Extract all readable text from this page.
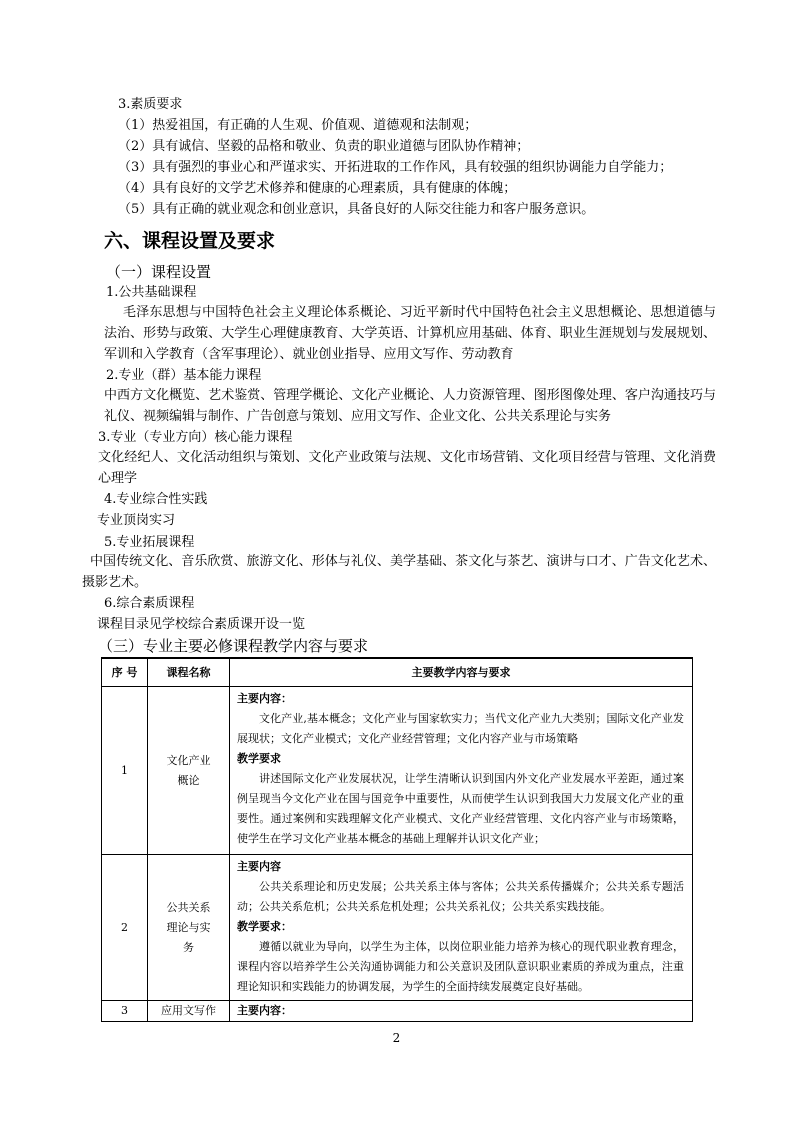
3.素质要求
（1）热爱祖国，有正确的人生观、价值观、道德观和法制观；
（2）具有诚信、坚毅的品格和敬业、负责的职业道德与团队协作精神；
（3）具有强烈的事业心和严谨求实、开拓进取的工作作风，具有较强的组织协调能力自学能力；
（4）具有良好的文学艺术修养和健康的心理素质，具有健康的体魄；
（5）具有正确的就业观念和创业意识，具备良好的人际交往能力和客户服务意识。
六、课程设置及要求
（一）课程设置
1.公共基础课程
毛泽东思想与中国特色社会主义理论体系概论、习近平新时代中国特色社会主义思想概论、思想道德与法治、形势与政策、大学生心理健康教育、大学英语、计算机应用基础、体育、职业生涯规划与发展规划、军训和入学教育（含军事理论）、就业创业指导、应用文写作、劳动教育
2.专业（群）基本能力课程
中西方文化概览、艺术鉴赏、管理学概论、文化产业概论、人力资源管理、图形图像处理、客户沟通技巧与礼仪、视频编辑与制作、广告创意与策划、应用文写作、企业文化、公共关系理论与实务
3.专业（专业方向）核心能力课程
文化经纪人、文化活动组织与策划、文化产业政策与法规、文化市场营销、文化项目经营与管理、文化消费心理学
4.专业综合性实践
专业顶岗实习
5.专业拓展课程
中国传统文化、音乐欣赏、旅游文化、形体与礼仪、美学基础、茶文化与茶艺、演讲与口才、广告文化艺术、摄影艺术。
6.综合素质课程
课程目录见学校综合素质课开设一览
（三）专业主要必修课程教学内容与要求
序 号	课程名称	主要教学内容与要求
1	文化产业概论	主要内容：
文化产业,基本概念；文化产业与国家软实力；当代文化产业九大类别；国际文化产业发展现状；文化产业模式；文化产业经营管理；文化内容产业与市场策略
教学要求
讲述国际文化产业发展状况，让学生清晰认识到国内外文化产业发展水平差距，通过案例呈现当今文化产业在国与国竞争中重要性，从而使学生认识到我国大力发展文化产业的重要性。通过案例和实践理解文化产业模式、文化产业经营管理、文化内容产业与市场策略，使学生在学习文化产业基本概念的基础上理解并认识文化产业；

2	公共关系理论与实务	主要内容
公共关系理论和历史发展；公共关系主体与客体；公共关系传播媒介；公共关系专题活动；公共关系危机；公共关系危机处理；公共关系礼仪；公共关系实践技能。
教学要求：
遵循以就业为导向，以学生为主体，以岗位职业能力培养为核心的现代职业教育理念，课程内容以培养学生公关沟通协调能力和公关意识及团队意识职业素质的养成为重点，注重理论知识和实践能力的协调发展，为学生的全面持续发展奠定良好基础。

3	应用文写作	主要内容：
2
